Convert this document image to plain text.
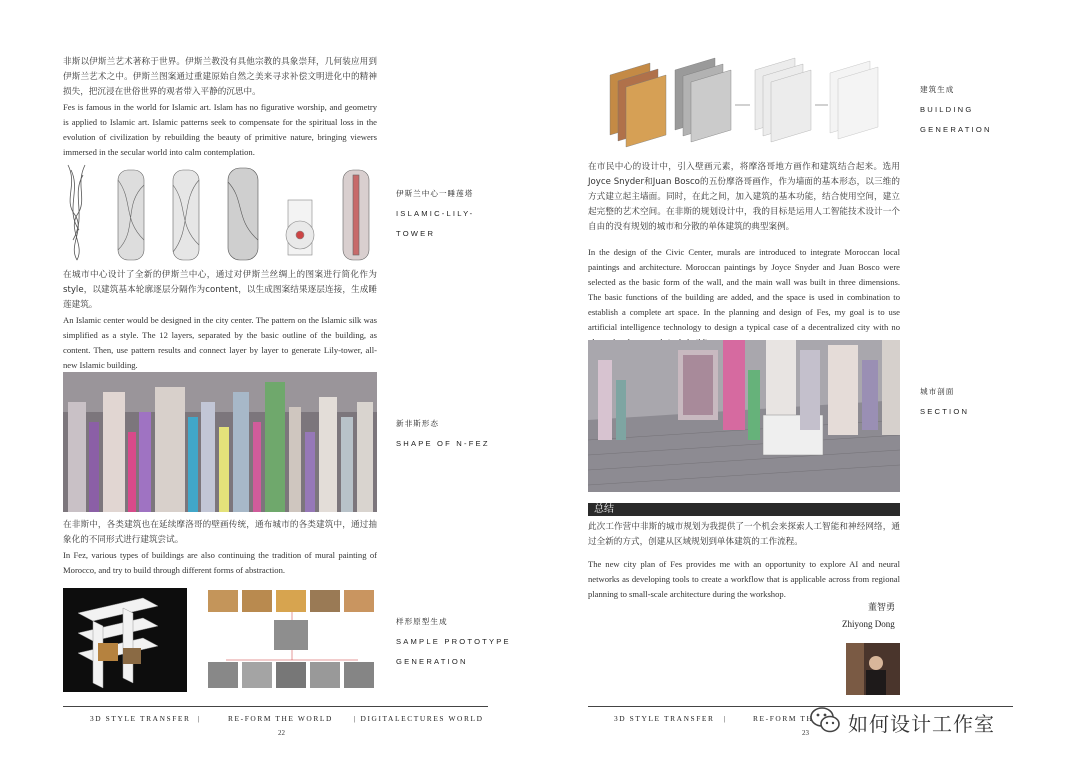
非斯以伊斯兰艺术著称于世界。伊斯兰教没有具他宗教的具象崇拜，几何装应用到伊斯兰艺术之中。伊斯兰图案通过重建原始自然之美来寻求补偿文明进化中的精神损失，把沉浸在世俗世界的观者带入平静的沉思中。

Fes is famous in the world for Islamic art. Islam has no figurative worship, and geometry is applied to Islamic art. Islamic patterns seek to compensate for the spiritual loss in the evolution of civilization by rebuilding the beauty of primitive nature, bringing viewers immersed in the secular world into calm contemplation.

伊斯兰中心一睡莲塔
ISLAMIC-LILY-
TOWER

在城市中心设计了全新的伊斯兰中心，通过对伊斯兰丝绸上的图案进行简化作为style，以建筑基本轮廓逐层分隔作为content，以生成图案结果逐层连接，生成睡莲建筑。

An Islamic center would be designed in the city center. The pattern on the Islamic silk was simplified as a style. The 12 layers, separated by the basic outline of the building, as content. Then, use pattern results and connect layer by layer to generate Lily-tower, all-new Islamic building.

新非斯形态
SHAPE OF N-FEZ

在非斯中，各类建筑也在延续摩洛哥的壁画传统，通布城市的各类建筑中，通过抽象化的不同形式进行建筑尝试。

In Fez, various types of buildings are also continuing the tradition of mural painting of Morocco, and try to build through different forms of abstraction.

样形原型生成
SAMPLE PROTOTYPE
GENERATION
3D STYLE TRANSFER |	RE-FORM THE WORLD	| DIGITALECTURES WORLD
22
建筑生成
BUILDING
GENERATION

在市民中心的设计中，引入壁画元素，将摩洛哥地方画作和建筑结合起来。选用Joyce Snyder和Juan Bosco的五份摩洛哥画作，作为墙面的基本形态，以三维的方式建立起主墙面。同时，在此之间，加入建筑的基本功能，结合使用空间，建立起完整的艺术空间。在非斯的规划设计中，我的目标是运用人工智能技术设计一个自由的没有规划的城市和分散的单体建筑的典型案例。

In the design of the Civic Center, murals are introduced to integrate Moroccan local paintings and architecture. Moroccan paintings by Joyce Snyder and Juan Bosco were selected as the basic form of the wall, and the main wall was built in three dimensions. The basic functions of the building are added, and the space is used in combination to establish a complete art space. In the planning and design of Fes, my goal is to use artificial intelligence technology to design a typical case of a decentralized city with no

城市剖面
SECTION
总结

此次工作营中非斯的城市规划为我提供了一个机会来探索人工智能和神经网络，通过全新的方式，创建从区域规划到单体建筑的工作流程。

The new city plan of Fes provides me with an opportunity to explore AI and neural networks as developing tools to create a workflow that is applicable across from regional planning to small-scale architecture during the workshop.

董智勇
Zhiyong Dong
3D STYLE TRANSFER |	RE-FORM TH
23 如何设计工作室
